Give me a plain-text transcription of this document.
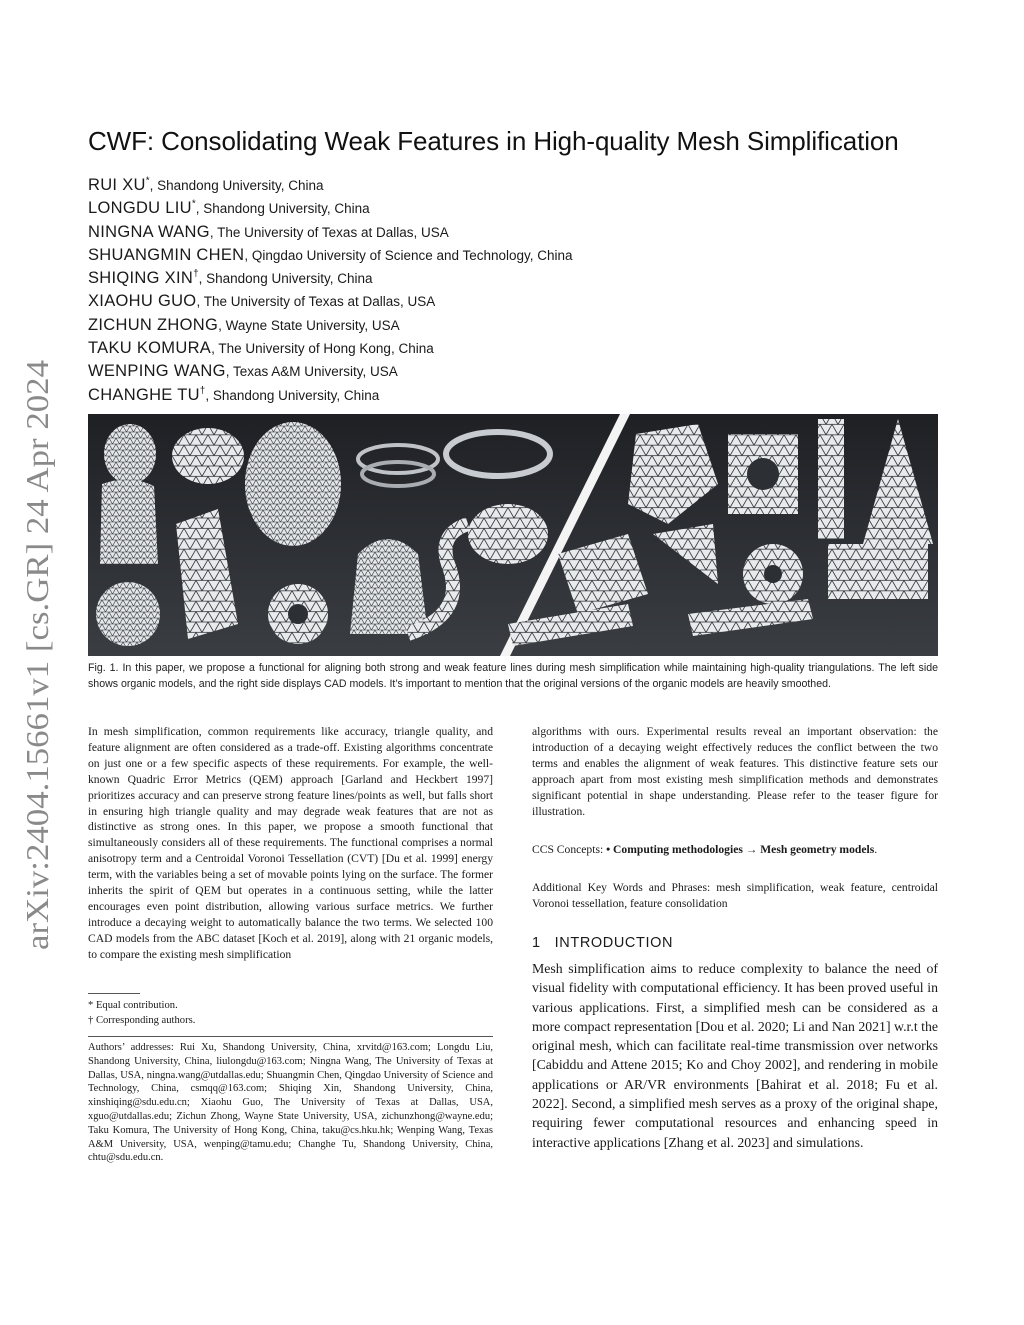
arXiv:2404.15661v1 [cs.GR] 24 Apr 2024
CWF: Consolidating Weak Features in High-quality Mesh Simplification
RUI XU*, Shandong University, China
LONGDU LIU*, Shandong University, China
NINGNA WANG, The University of Texas at Dallas, USA
SHUANGMIN CHEN, Qingdao University of Science and Technology, China
SHIQING XIN†, Shandong University, China
XIAOHU GUO, The University of Texas at Dallas, USA
ZICHUN ZHONG, Wayne State University, USA
TAKU KOMURA, The University of Hong Kong, China
WENPING WANG, Texas A&M University, USA
CHANGHE TU†, Shandong University, China
Fig. 1. In this paper, we propose a functional for aligning both strong and weak feature lines during mesh simplification while maintaining high-quality triangulations. The left side shows organic models, and the right side displays CAD models. It’s important to mention that the original versions of the organic models are heavily smoothed.
In mesh simplification, common requirements like accuracy, triangle quality, and feature alignment are often considered as a trade-off. Existing algorithms concentrate on just one or a few specific aspects of these requirements. For example, the well-known Quadric Error Metrics (QEM) approach [Garland and Heckbert 1997] prioritizes accuracy and can preserve strong feature lines/points as well, but falls short in ensuring high triangle quality and may degrade weak features that are not as distinctive as strong ones. In this paper, we propose a smooth functional that simultaneously considers all of these requirements. The functional comprises a normal anisotropy term and a Centroidal Voronoi Tessellation (CVT) [Du et al. 1999] energy term, with the variables being a set of movable points lying on the surface. The former inherits the spirit of QEM but operates in a continuous setting, while the latter encourages even point distribution, allowing various surface metrics. We further introduce a decaying weight to automatically balance the two terms. We selected 100 CAD models from the ABC dataset [Koch et al. 2019], along with 21 organic models, to compare the existing mesh simplification
algorithms with ours. Experimental results reveal an important observation: the introduction of a decaying weight effectively reduces the conflict between the two terms and enables the alignment of weak features. This distinctive feature sets our approach apart from most existing mesh simplification methods and demonstrates significant potential in shape understanding. Please refer to the teaser figure for illustration.
* Equal contribution.
† Corresponding authors.
Authors’ addresses: Rui Xu, Shandong University, China, xrvitd@163.com; Longdu Liu, Shandong University, China, liulongdu@163.com; Ningna Wang, The University of Texas at Dallas, USA, ningna.wang@utdallas.edu; Shuangmin Chen, Qingdao University of Science and Technology, China, csmqq@163.com; Shiqing Xin, Shandong University, China, xinshiqing@sdu.edu.cn; Xiaohu Guo, The University of Texas at Dallas, USA, xguo@utdallas.edu; Zichun Zhong, Wayne State University, USA, zichunzhong@wayne.edu; Taku Komura, The University of Hong Kong, China, taku@cs.hku.hk; Wenping Wang, Texas A&M University, USA, wenping@tamu.edu; Changhe Tu, Shandong University, China, chtu@sdu.edu.cn.
CCS Concepts: • Computing methodologies → Mesh geometry models.
Additional Key Words and Phrases: mesh simplification, weak feature, centroidal Voronoi tessellation, feature consolidation
1 INTRODUCTION
Mesh simplification aims to reduce complexity to balance the need of visual fidelity with computational efficiency. It has been proved useful in various applications. First, a simplified mesh can be considered as a more compact representation [Dou et al. 2020; Li and Nan 2021] w.r.t the original mesh, which can facilitate real-time transmission over networks [Cabiddu and Attene 2015; Ko and Choy 2002], and rendering in mobile applications or AR/VR environments [Bahirat et al. 2018; Fu et al. 2022]. Second, a simplified mesh serves as a proxy of the original shape, requiring fewer computational resources and enhancing speed in interactive applications [Zhang et al. 2023] and simulations.
